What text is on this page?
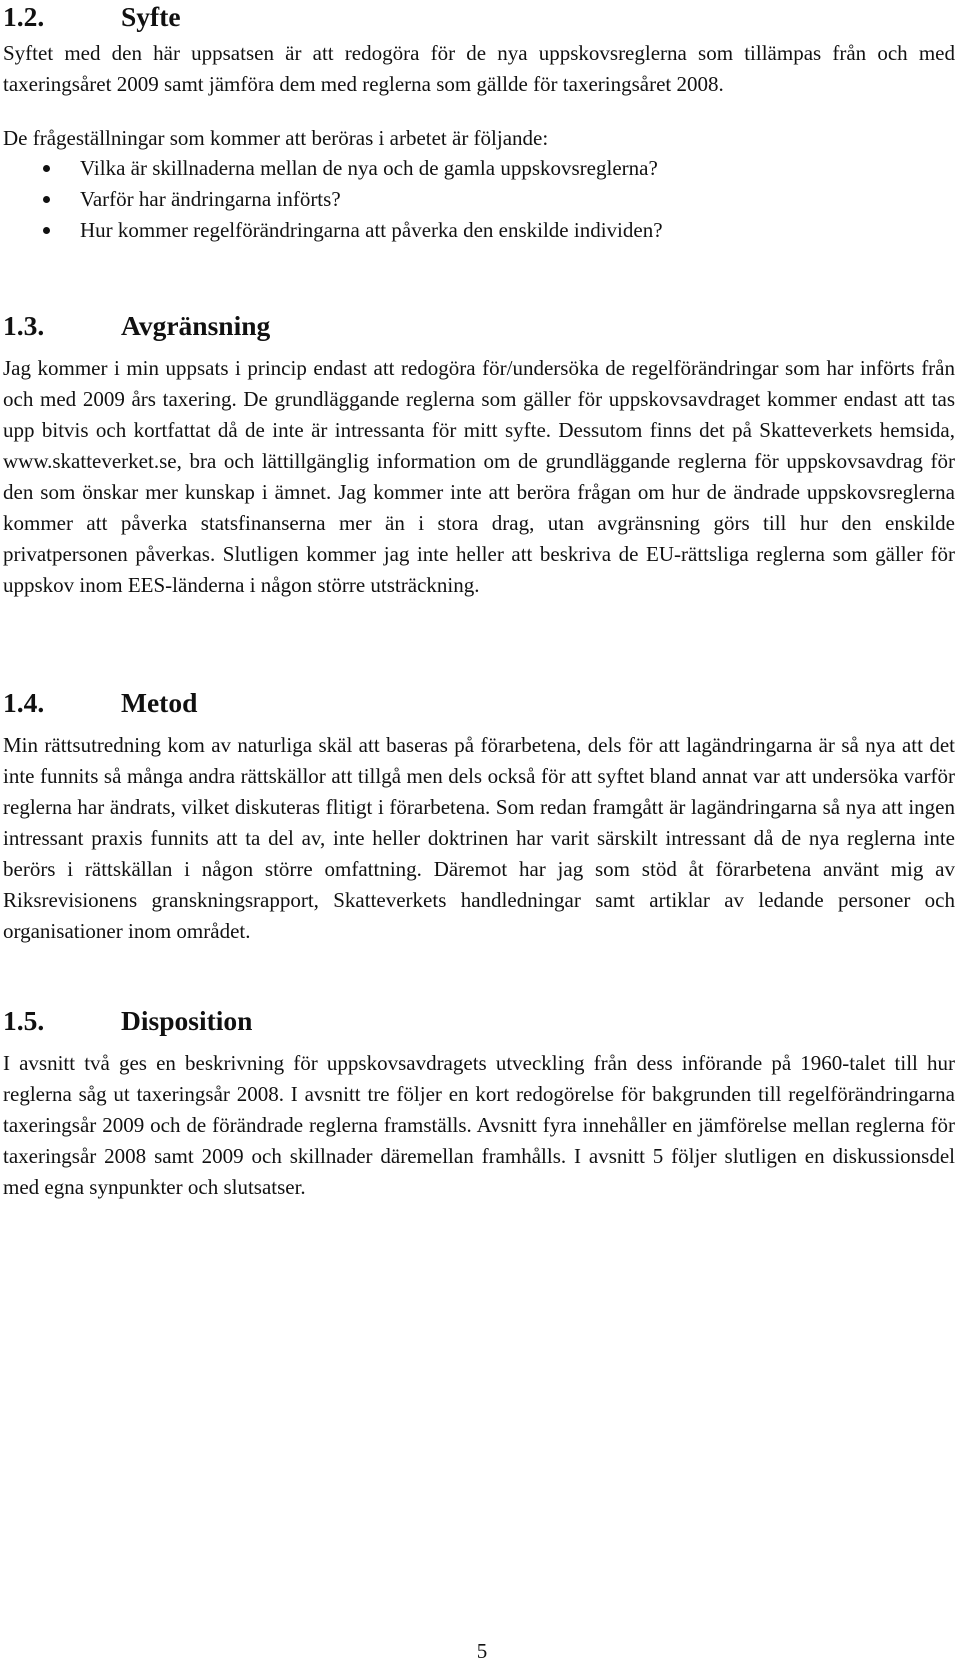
1.2.	Syfte

Syftet med den här uppsatsen är att redogöra för de nya uppskovsreglerna som tillämpas från och med taxeringsåret 2009 samt jämföra dem med reglerna som gällde för taxeringsåret 2008.

De frågeställningar som kommer att beröras i arbetet är följande:

Vilka är skillnaderna mellan de nya och de gamla uppskovsreglerna?
Varför har ändringarna införts?
Hur kommer regelförändringarna att påverka den enskilde individen?
1.3.	Avgränsning

Jag kommer i min uppsats i princip endast att redogöra för/undersöka de regelförändringar som har införts från och med 2009 års taxering. De grundläggande reglerna som gäller för uppskovsavdraget kommer endast att tas upp bitvis och kortfattat då de inte är intressanta för mitt syfte. Dessutom finns det på Skatteverkets hemsida, www.skatteverket.se, bra och lättillgänglig information om de grundläggande reglerna för uppskovsavdrag för den som önskar mer kunskap i ämnet. Jag kommer inte att beröra frågan om hur de ändrade uppskovsreglerna kommer att påverka statsfinanserna mer än i stora drag, utan avgränsning görs till hur den enskilde privatpersonen påverkas. Slutligen kommer jag inte heller att beskriva de EU-rättsliga reglerna som gäller för uppskov inom EES-länderna i någon större utsträckning.

1.4.	Metod

Min rättsutredning kom av naturliga skäl att baseras på förarbetena, dels för att lagändringarna är så nya att det inte funnits så många andra rättskällor att tillgå men dels också för att syftet bland annat var att undersöka varför reglerna har ändrats, vilket diskuteras flitigt i förarbetena. Som redan framgått är lagändringarna så nya att ingen intressant praxis funnits att ta del av, inte heller doktrinen har varit särskilt intressant då de nya reglerna inte berörs i rättskällan i någon större omfattning. Däremot har jag som stöd åt förarbetena använt mig av Riksrevisionens granskningsrapport, Skatteverkets handledningar samt artiklar av ledande personer och organisationer inom området.

1.5.	Disposition

I avsnitt två ges en beskrivning för uppskovsavdragets utveckling från dess införande på 1960-talet till hur reglerna såg ut taxeringsår 2008. I avsnitt tre följer en kort redogörelse för bakgrunden till regelförändringarna taxeringsår 2009 och de förändrade reglerna framställs. Avsnitt fyra innehåller en jämförelse mellan reglerna för taxeringsår 2008 samt 2009 och skillnader däremellan framhålls. I avsnitt 5 följer slutligen en diskussionsdel med egna synpunkter och slutsatser.

5
